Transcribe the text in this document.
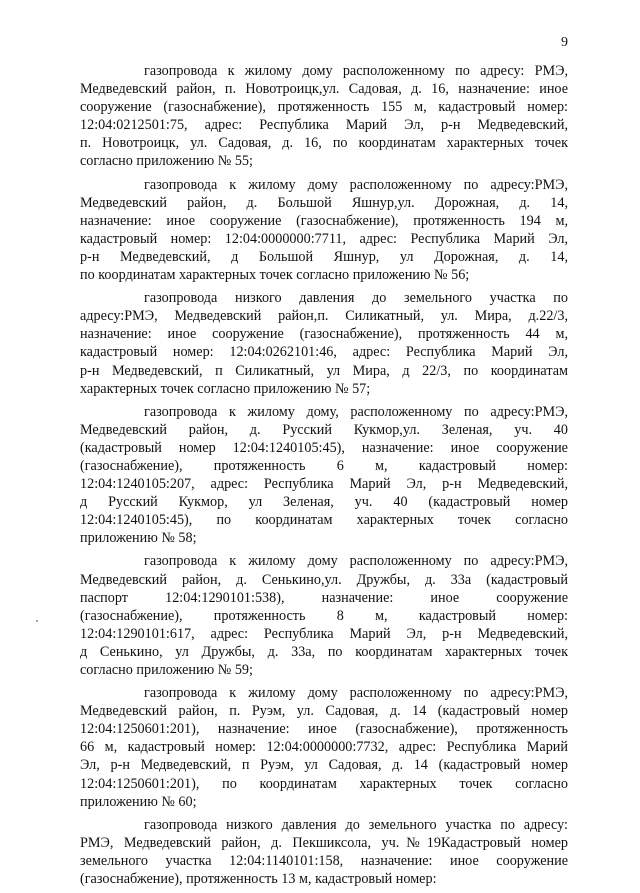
9

газопровода к жилому дому расположенному по адресу: РМЭ,
Медведевский район, п. Новотроицк,ул. Садовая, д. 16, назначение: иное
сооружение (газоснабжение), протяженность 155 м, кадастровый номер:
12:04:0212501:75, адрес: Республика Марий Эл, р-н Медведевский,
п. Новотроицк, ул. Садовая, д. 16, по координатам характерных точек
согласно приложению № 55;

газопровода к жилому дому расположенному по адресу:РМЭ,
Медведевский район, д. Большой Яшнур,ул. Дорожная, д. 14,
назначение: иное сооружение (газоснабжение), протяженность 194 м,
кадастровый номер: 12:04:0000000:7711, адрес: Республика Марий Эл,
р-н Медведевский, д Большой Яшнур, ул Дорожная, д. 14,
по координатам характерных точек согласно приложению № 56;

газопровода низкого давления до земельного участка по
адресу:РМЭ, Медведевский район,п. Силикатный, ул. Мира, д.22/3,
назначение: иное сооружение (газоснабжение), протяженность 44 м,
кадастровый номер: 12:04:0262101:46, адрес: Республика Марий Эл,
р-н Медведевский, п Силикатный, ул Мира, д 22/3, по координатам
характерных точек согласно приложению № 57;

газопровода к жилому дому, расположенному по адресу:РМЭ,
Медведевский район, д. Русский Кукмор,ул. Зеленая, уч. 40
(кадастровый номер 12:04:1240105:45), назначение: иное сооружение
(газоснабжение), протяженность 6 м, кадастровый номер:
12:04:1240105:207, адрес: Республика Марий Эл, р-н Медведевский,
д Русский Кукмор, ул Зеленая, уч. 40 (кадастровый номер
12:04:1240105:45), по координатам характерных точек согласно
приложению № 58;

газопровода к жилому дому расположенному по адресу:РМЭ,
Медведевский район, д. Сенькино,ул. Дружбы, д. 33а (кадастровый
паспорт 12:04:1290101:538), назначение: иное сооружение
(газоснабжение), протяженность 8 м, кадастровый номер:
12:04:1290101:617, адрес: Республика Марий Эл, р-н Медведевский,
д Сенькино, ул Дружбы, д. 33а, по координатам характерных точек
согласно приложению № 59;

газопровода к жилому дому расположенному по адресу:РМЭ,
Медведевский район, п. Руэм, ул. Садовая, д. 14 (кадастровый номер
12:04:1250601:201), назначение: иное (газоснабжение), протяженность
66 м, кадастровый номер: 12:04:0000000:7732, адрес: Республика Марий
Эл, р-н Медведевский, п Руэм, ул Садовая, д. 14 (кадастровый номер
12:04:1250601:201), по координатам характерных точек согласно
приложению № 60;

газопровода низкого давления до земельного участка по адресу:
РМЭ, Медведевский район, д. Пекшиксола, уч.№19Кадастровый номер
земельного участка 12:04:1140101:158, назначение: иное сооружение
(газоснабжение), протяженность 13 м, кадастровый номер:
